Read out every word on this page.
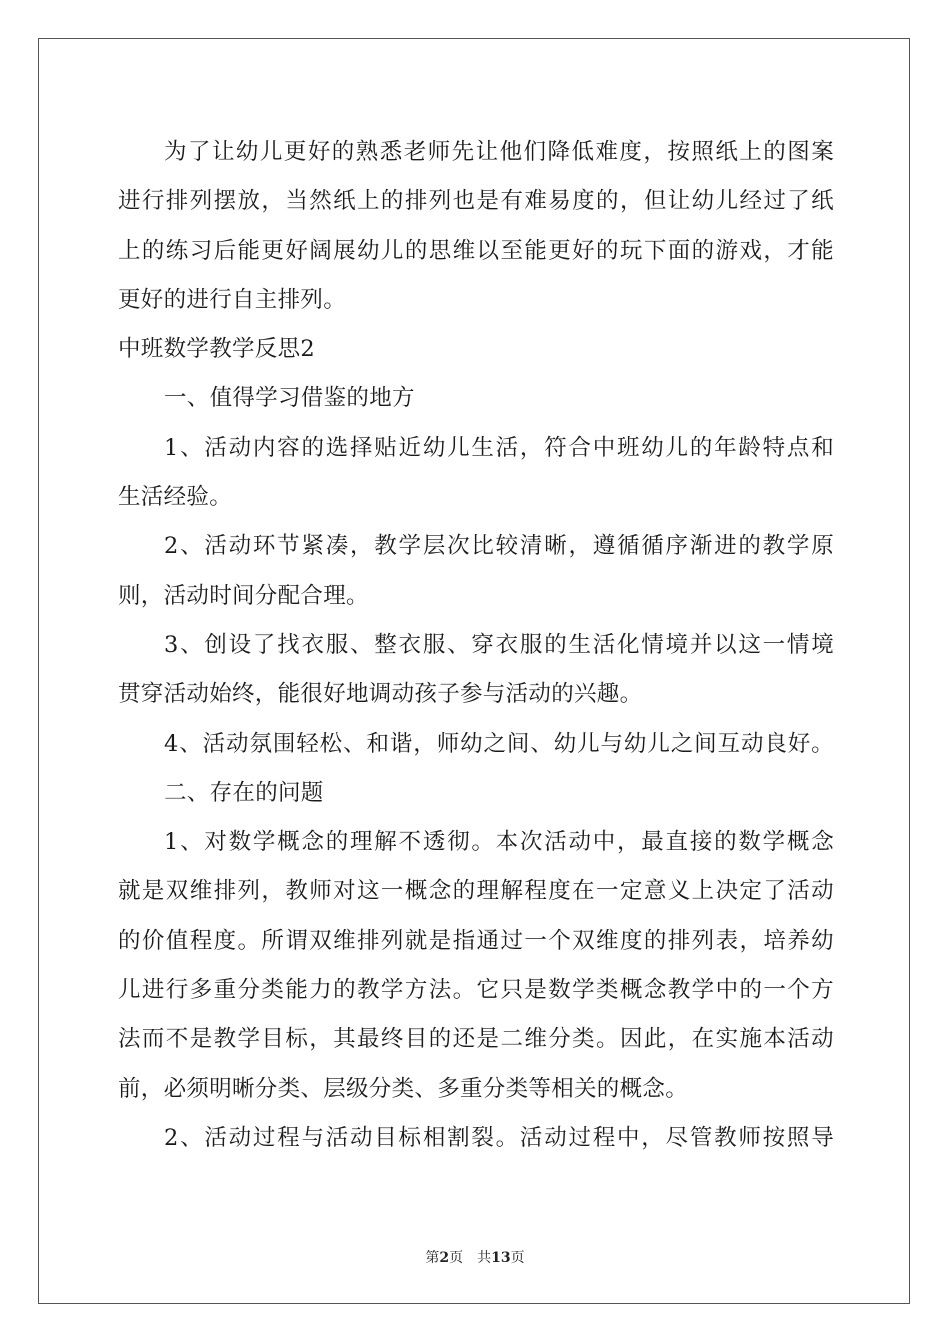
为了让幼儿更好的熟悉老师先让他们降低难度，按照纸上的图案
进行排列摆放，当然纸上的排列也是有难易度的，但让幼儿经过了纸
上的练习后能更好阔展幼儿的思维以至能更好的玩下面的游戏，才能
更好的进行自主排列。
中班数学教学反思2
一、值得学习借鉴的地方
1、活动内容的选择贴近幼儿生活，符合中班幼儿的年龄特点和
生活经验。
2、活动环节紧凑，教学层次比较清晰，遵循循序渐进的教学原
则，活动时间分配合理。
3、创设了找衣服、整衣服、穿衣服的生活化情境并以这一情境
贯穿活动始终，能很好地调动孩子参与活动的兴趣。
4、活动氛围轻松、和谐，师幼之间、幼儿与幼儿之间互动良好。
二、存在的问题
1、对数学概念的理解不透彻。本次活动中，最直接的数学概念
就是双维排列，教师对这一概念的理解程度在一定意义上决定了活动
的价值程度。所谓双维排列就是指通过一个双维度的排列表，培养幼
儿进行多重分类能力的教学方法。它只是数学类概念教学中的一个方
法而不是教学目标，其最终目的还是二维分类。因此，在实施本活动
前，必须明晰分类、层级分类、多重分类等相关的概念。
2、活动过程与活动目标相割裂。活动过程中，尽管教师按照导
第2页 共13页
